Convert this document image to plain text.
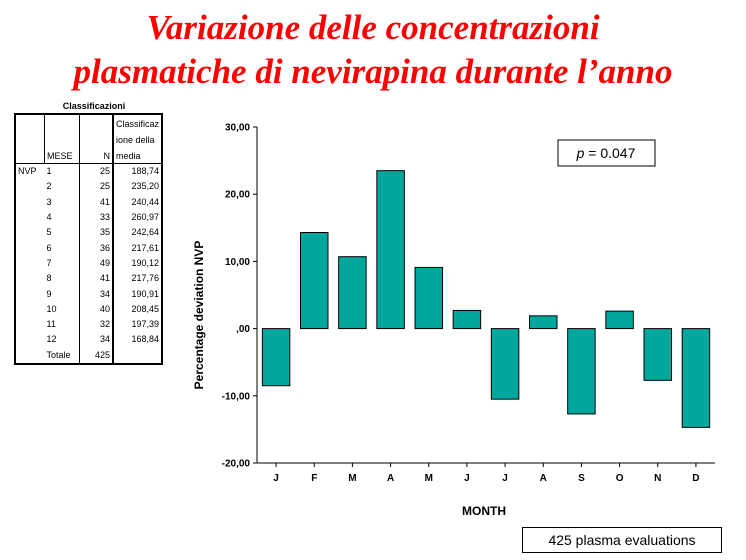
Variazione delle concentrazioni
plasmatiche di nevirapina durante l’anno
Classificazioni
			Classificaz
			ione della
	MESE	N	media
NVP	1	25	188,74
	2	25	235,20
	3	41	240,44
	4	33	260,97
	5	35	242,64
	6	36	217,61
	7	49	190,12
	8	41	217,76
	9	34	190,91
	10	40	208,45
	11	32	197,39
	12	34	168,84
	Totale	425	
-20,00
-10,00
,00
10,00
20,00
30,00
J	F	M	A	M	J	J	A	S	O	N	D
MONTH
Percentage deviation NVP
p = 0.047
425 plasma evaluations
